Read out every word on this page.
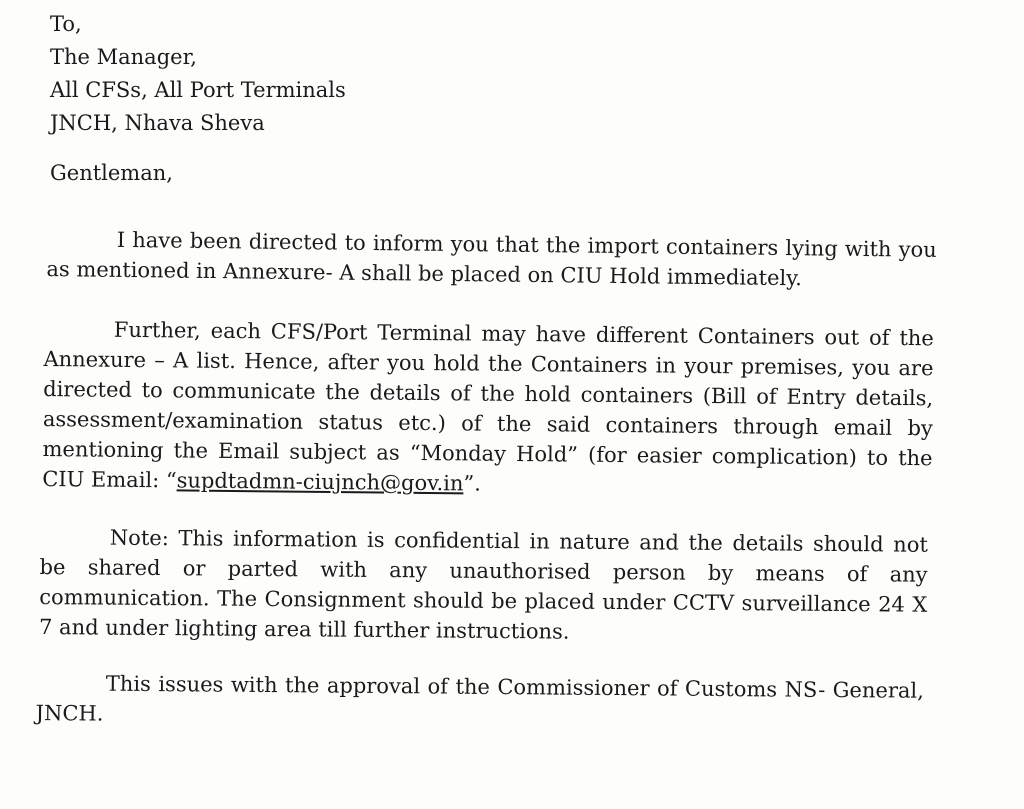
To,
The Manager,
All CFSs, All Port Terminals
JNCH, Nhava Sheva
Gentleman,

I have been directed to inform you that the import containers lying with you as mentioned in Annexure- A shall be placed on CIU Hold immediately.

Further, each CFS/Port Terminal may have different Containers out of the Annexure – A list. Hence, after you hold the Containers in your premises, you are directed to communicate the details of the hold containers (Bill of Entry details, assessment/examination status etc.) of the said containers through email by mentioning the Email subject as “Monday Hold” (for easier complication) to the CIU Email: “supdtadmn-ciujnch@gov.in”.

Note: This information is confidential in nature and the details should not be shared or parted with any unauthorised person by means of any communication. The Consignment should be placed under CCTV surveillance 24 X 7 and under lighting area till further instructions.

This issues with the approval of the Commissioner of Customs NS- General, JNCH.
